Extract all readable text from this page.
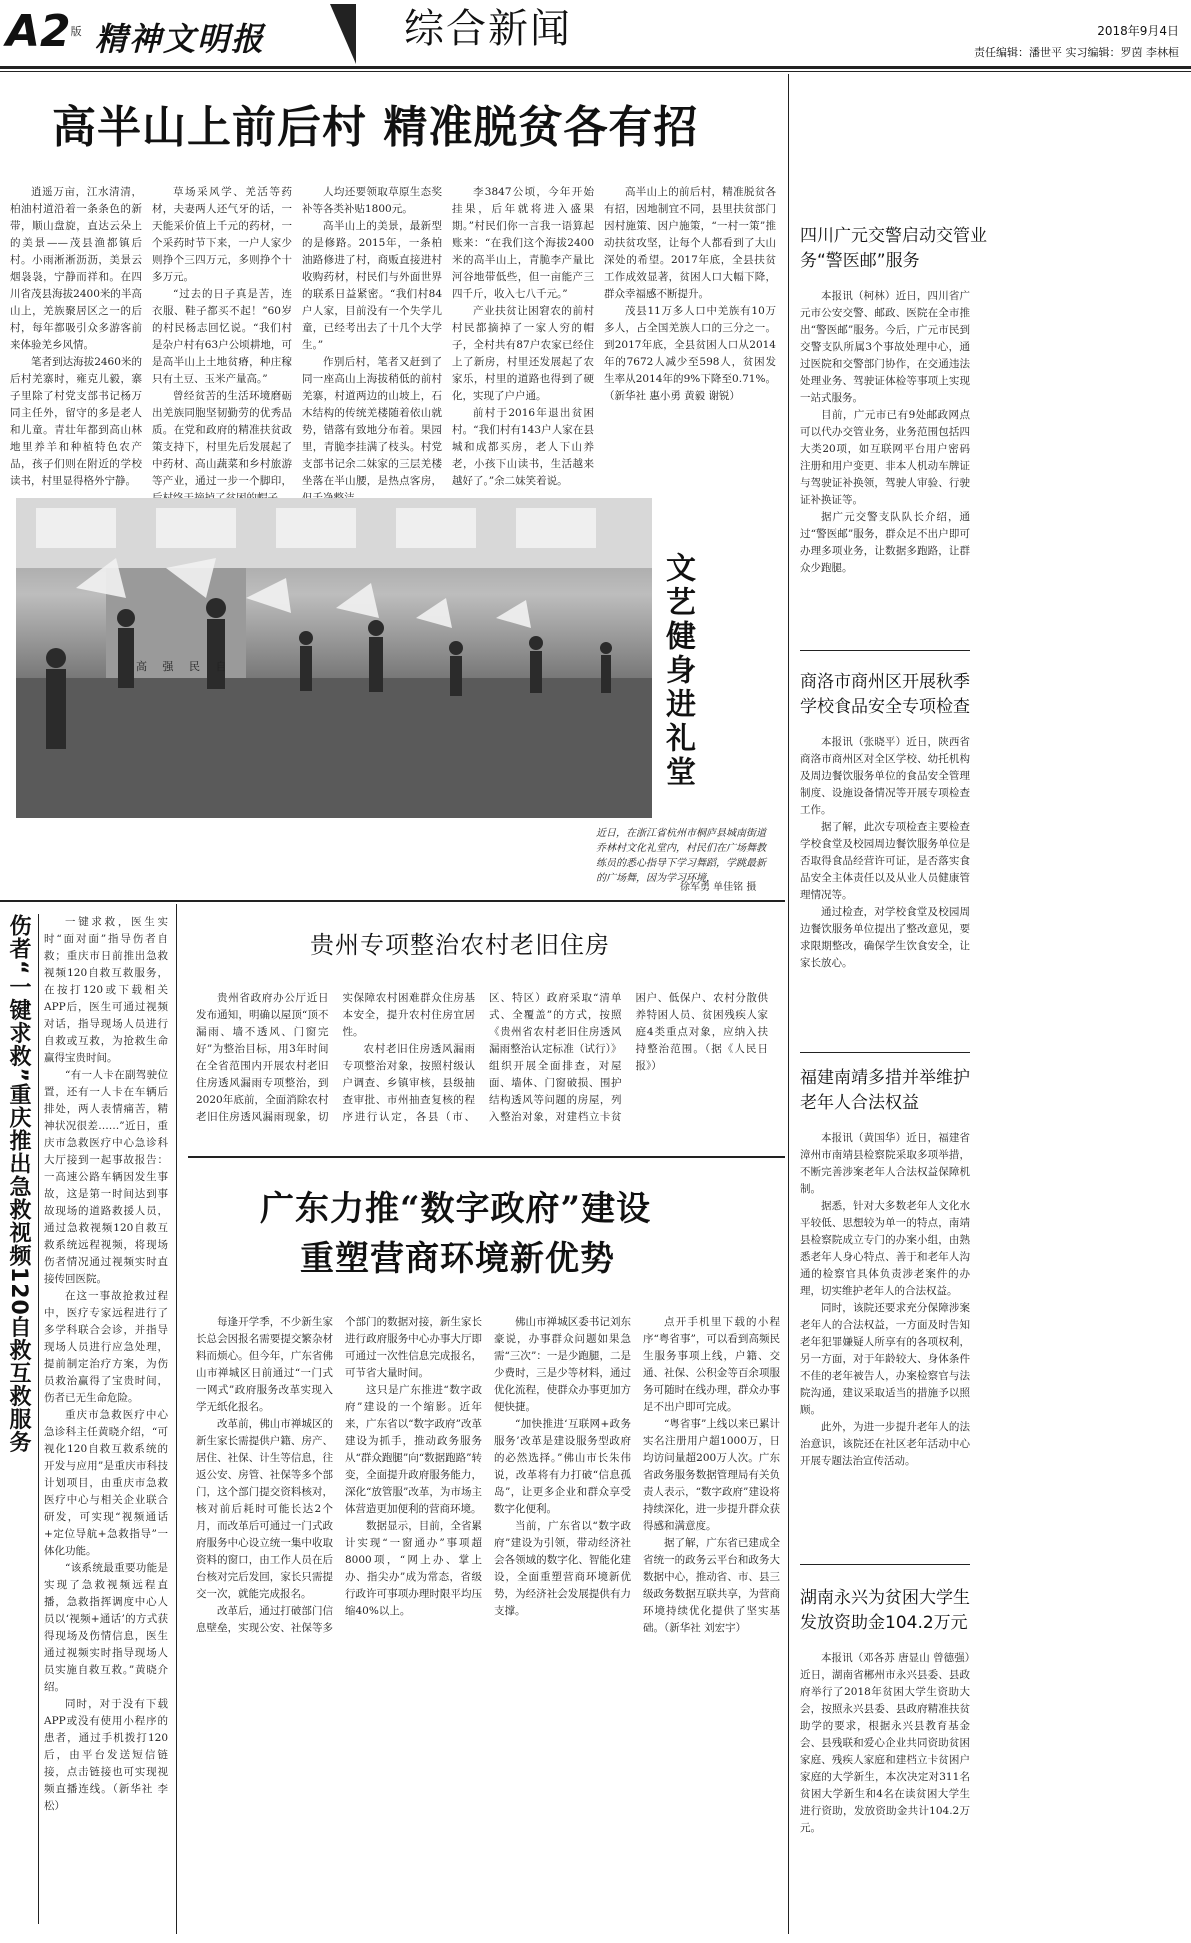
A2版 精神文明报	综合新闻	2018年9月4日
责任编辑：潘世平 实习编辑：罗茵 李林桓
高半山上前后村 精准脱贫各有招

逍遥万亩，江水清清，柏油村道沿着一条条色的新带，顺山盘旋，直达云朵上的美景——茂县渔都镇后村。小雨淅淅沥沥，美景云烟袅袅，宁静而祥和。在四川省茂县海拔2400米的半高山上，羌族聚居区之一的后村，每年都吸引众多游客前来体验羌乡风情。

笔者到达海拔2460米的后村羌寨时，雍克儿毅，寨子里除了村党支部书记杨万同主任外，留守的多是老人和儿童。青壮年都到高山林地里养羊和种植特色农产品，孩子们则在附近的学校读书，村里显得格外宁静。

草场采风学、羌活等药材，夫妻两人还气牙的话，一天能采价值上千元的药材，一个采药时节下来，一户人家少则挣个三四万元，多则挣个十多万元。

“过去的日子真是苦，连衣服、鞋子都买不起！”60岁的村民杨志回忆说。“我们村是杂户村有63户公顷耕地，可是高半山上土地贫瘠，种庄稼只有土豆、玉米产量高。”

曾经贫苦的生活环境磨砺出羌族同胞坚韧勤劳的优秀品质。在党和政府的精准扶贫政策支持下，村里先后发展起了中药材、高山蔬菜和乡村旅游等产业，通过一步一个脚印，

人均还要领取草原生态奖补等各类补贴1800元。

高半山上的美景，最新型的是修路。2015年，一条柏油路修进了村，商贩直接进村收购药材，村民们与外面世界的联系日益紧密。“我们村84户人家，目前没有一个失学儿童，已经考出去了十几个大学生。”

作别后村，笔者又赶到了同一座高山上海拔稍低的前村羌寨，村道两边的山坡上，石木结构的传统羌楼随着依山就势，错落有致地分布着。果园里，青脆李挂满了枝头。村党支部书记余二妹家的三层羌楼坐落在半山腰，是热点客房，

李3847公顷，今年开始挂果，后年就将进入盛果期。”村民们你一言我一语算起账来：“在我们这个海拔2400米的高半山上，青脆李产量比河谷地带低些，但一亩能产三四千斤，收入七八千元。”

产业扶贫让困窘农的前村村民都摘掉了一家人穷的帽子，全村共有87户农家已经住上了新房，村里还发展起了农家乐，村里的道路也得到了硬化，实现了户户通。

前村于2016年退出贫困村。“我们村有143户人家在县城和成都买房，老人下山养老，小孩下山读书，生活越来越好了。”余二妹笑着说。

高半山上的前后村，精准脱贫各有招，因地制宜不同，县里扶贫部门因村施策、因户施策，“一村一策”推动扶贫攻坚，让每个人都看到了大山深处的希望。2017年底，全县扶贫工作成效显著，贫困人口大幅下降，群众幸福感不断提升。

茂县11万多人口中羌族有10万多人，占全国羌族人口的三分之一。到2017年底，全县贫困人口从2014年的7672人减少至598人，贫困发生率从2014年的9%下降至0.71%。（新华社 惠小勇 黄毅 谢锐）

高 强 民 自	文艺健身进礼堂
近日，在浙江省杭州市桐庐县城南街道乔林村文化礼堂内，村民们在广场舞教练员的悉心指导下学习舞蹈，学跳最新的广场舞，因为学习环境，
徐军勇 单佳铭 摄
伤者“一键求救”重庆推出急救视频120自救互救服务	一键求救，医生实时“面对面”指导伤者自救；重庆市日前推出急救视频120自救互救服务，在按打120或下载相关APP后，医生可通过视频对话，指导现场人员进行自救或互救，为抢救生命赢得宝贵时间。

“有一人卡在副驾驶位置，还有一人卡在车辆后排处，两人表情痛苦，精神状况很差……”近日，重庆市急救医疗中心急诊科大厅接到一起事故报告：一高速公路车辆因发生事故，这是第一时间达到事故现场的道路救援人员，通过急救视频120自救互救系统远程视频，将现场伤者情况通过视频实时直接传回医院。

在这一事故抢救过程中，医疗专家远程进行了多学科联合会诊，并指导现场人员进行应急处理，提前制定治疗方案，为伤员救治赢得了宝贵时间，伤者已无生命危险。

重庆市急救医疗中心急诊科主任黄晓介绍，“可视化120自救互救系统的开发与应用”是重庆市科技计划项目，由重庆市急救医疗中心与相关企业联合研发，可实现“视频通话+定位导航+急救指导”一体化功能。

“该系统最重要功能是实现了急救视频远程直播，急救指挥调度中心人员以‘视频+通话’的方式获得现场及伤情信息，医生通过视频实时指导现场人员实施自救互救。”黄晓介绍。

同时，对于没有下载APP或没有使用小程序的患者，通过手机拨打120后，由平台发送短信链接，点击链接也可实现视频直播连线。（新华社 李松）

贵州专项整治农村老旧住房

贵州省政府办公厅近日发布通知，明确以屋顶“顶不漏雨、墙不透风、门窗完好”为整治目标，用3年时间在全省范围内开展农村老旧住房透风漏雨专项整治，到2020年底前，全面消除农村老旧住房透风漏雨现象，切实保障农村困难群众住房基本安全，提升农村住房宜居性。

农村老旧住房透风漏雨专项整治对象，按照村级认户调查、乡镇审核，县级抽查审批、市州抽查复核的程序进行认定，各县（市、区、特区）政府采取“清单式、全覆盖”的方式，按照《贵州省农村老旧住房透风漏雨整治认定标准（试行）》组织开展全面排查，对屋面、墙体、门窗破损、围护结构透风等问题的房屋，列入整治对象，对建档立卡贫困户、低保户、农村分散供养特困人员、贫困残疾人家庭4类重点对象，应纳入扶持整治范围。（据《人民日报》）

广东力推“数字政府”建设
重塑营商环境新优势

每逢开学季，不少新生家长总会因报名需要提交繁杂材料而烦心。但今年，广东省佛山市禅城区日前通过“一门式一网式”政府服务改革实现入学无纸化报名。

改革前，佛山市禅城区的新生家长需提供户籍、房产、居住、社保、计生等信息，往返公安、房管、社保等多个部门，这个部门提交资料核对，核对前后耗时可能长达2个月，而改革后可通过一门式政府服务中心设立统一集中收取资料的窗口，由工作人员在后台核对完后发回，家长只需提交一次，就能完成报名。

改革后，通过打破部门信息壁垒，实现公安、社保等多个部门的数据对接，新生家长进行政府服务中心办事大厅即可通过一次性信息完成报名，可节省大量时间。

这只是广东推进“数字政府”建设的一个缩影。近年来，广东省以“数字政府”改革建设为抓手，推动政务服务从“群众跑腿”向“数据跑路”转变，全面提升政府服务能力，深化“放管服”改革，为市场主体营造更加便利的营商环境。

数据显示，目前，全省累计实现“一窗通办”事项超8000项，“网上办、掌上办、指尖办”成为常态，省级行政许可事项办理时限平均压缩40%以上。

佛山市禅城区委书记刘东豪说，办事群众问题如果急需“三次”：一是少跑腿，二是少费时，三是少等材料，通过优化流程，使群众办事更加方便快捷。

“加快推进‘互联网+政务服务’改革是建设服务型政府的必然选择。”佛山市长朱伟说，改革将有力打破“信息孤岛”，让更多企业和群众享受数字化便利。

当前，广东省以“数字政府”建设为引领，带动经济社会各领域的数字化、智能化建设，全面重塑营商环境新优势，为经济社会发展提供有力支撑。

点开手机里下载的小程序“粤省事”，可以看到高频民生服务事项上线，户籍、交通、社保、公积金等百余项服务可随时在线办理，群众办事足不出户即可完成。

“粤省事”上线以来已累计实名注册用户超1000万，日均访问量超200万人次。广东省政务服务数据管理局有关负责人表示，“数字政府”建设将持续深化，进一步提升群众获得感和满意度。

据了解，广东省已建成全省统一的政务云平台和政务大数据中心，推动省、市、县三级政务数据互联共享，为营商环境持续优化提供了坚实基础。（新华社 刘宏宇）

四川广元交警启动交管业务“警医邮”服务

本报讯（柯林）近日，四川省广元市公安交警、邮政、医院在全市推出“警医邮”服务。今后，广元市民到交警支队所属3个事故处理中心，通过医院和交警部门协作，在交通违法处理业务、驾驶证体检等事项上实现一站式服务。

目前，广元市已有9处邮政网点可以代办交管业务，业务范围包括四大类20项，如互联网平台用户密码注册和用户变更、非本人机动车牌证与驾驶证补换领，驾驶人审验、行驶证补换证等。

据广元交警支队队长介绍，通过“警医邮”服务，群众足不出户即可办理多项业务，让数据多跑路，让群众少跑腿。

商洛市商州区开展秋季学校食品安全专项检查

本报讯（张晓平）近日，陕西省商洛市商州区对全区学校、幼托机构及周边餐饮服务单位的食品安全管理制度、设施设备情况等开展专项检查工作。

据了解，此次专项检查主要检查学校食堂及校园周边餐饮服务单位是否取得食品经营许可证，是否落实食品安全主体责任以及从业人员健康管理情况等。

通过检查，对学校食堂及校园周边餐饮服务单位提出了整改意见，要求限期整改，确保学生饮食安全，让家长放心。

福建南靖多措并举维护老年人合法权益

本报讯（黄国华）近日，福建省漳州市南靖县检察院采取多项举措，不断完善涉案老年人合法权益保障机制。

据悉，针对大多数老年人文化水平较低、思想较为单一的特点，南靖县检察院成立专门的办案小组，由熟悉老年人身心特点、善于和老年人沟通的检察官具体负责涉老案件的办理，切实维护老年人的合法权益。

同时，该院还要求充分保障涉案老年人的合法权益，一方面及时告知老年犯罪嫌疑人所享有的各项权利，另一方面，对于年龄较大、身体条件不佳的老年被告人，办案检察官与法院沟通，建议采取适当的措施予以照顾。

此外，为进一步提升老年人的法治意识，该院还在社区老年活动中心开展专题法治宣传活动。

湖南永兴为贫困大学生发放资助金104.2万元

本报讯（邓各苏 唐显山 曾德强）近日，湖南省郴州市永兴县委、县政府举行了2018年贫困大学生资助大会，按照永兴县委、县政府精准扶贫助学的要求，根据永兴县教育基金会、县残联和爱心企业共同资助贫困家庭、残疾人家庭和建档立卡贫困户家庭的大学新生，本次决定对311名贫困大学新生和4名在读贫困大学生进行资助，发放资助金共计104.2万元。
